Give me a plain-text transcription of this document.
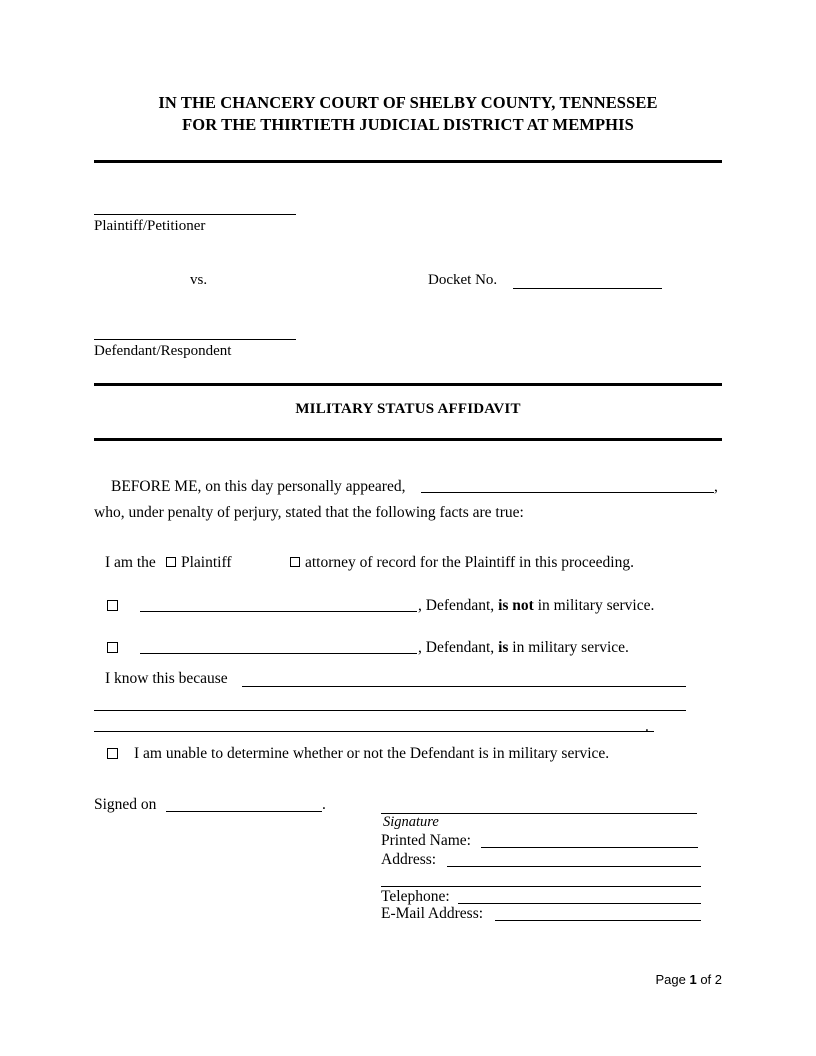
IN THE CHANCERY COURT OF SHELBY COUNTY, TENNESSEE
FOR THE THIRTIETH JUDICIAL DISTRICT AT MEMPHIS
Plaintiff/Petitioner
vs.	Docket No.
Defendant/Respondent
MILITARY STATUS AFFIDAVIT
BEFORE ME, on this day personally appeared,	,
who, under penalty of perjury, stated that the following facts are true:
I am the Plaintiff	attorney of record for the Plaintiff in this proceeding.
, Defendant, is not in military service.
, Defendant, is in military service.
I know this because
.
I am unable to determine whether or not the Defendant is in military service.
Signed on	.
Signature
Printed Name:
Address:
Telephone:
E-Mail Address:
Page 1 of 2
